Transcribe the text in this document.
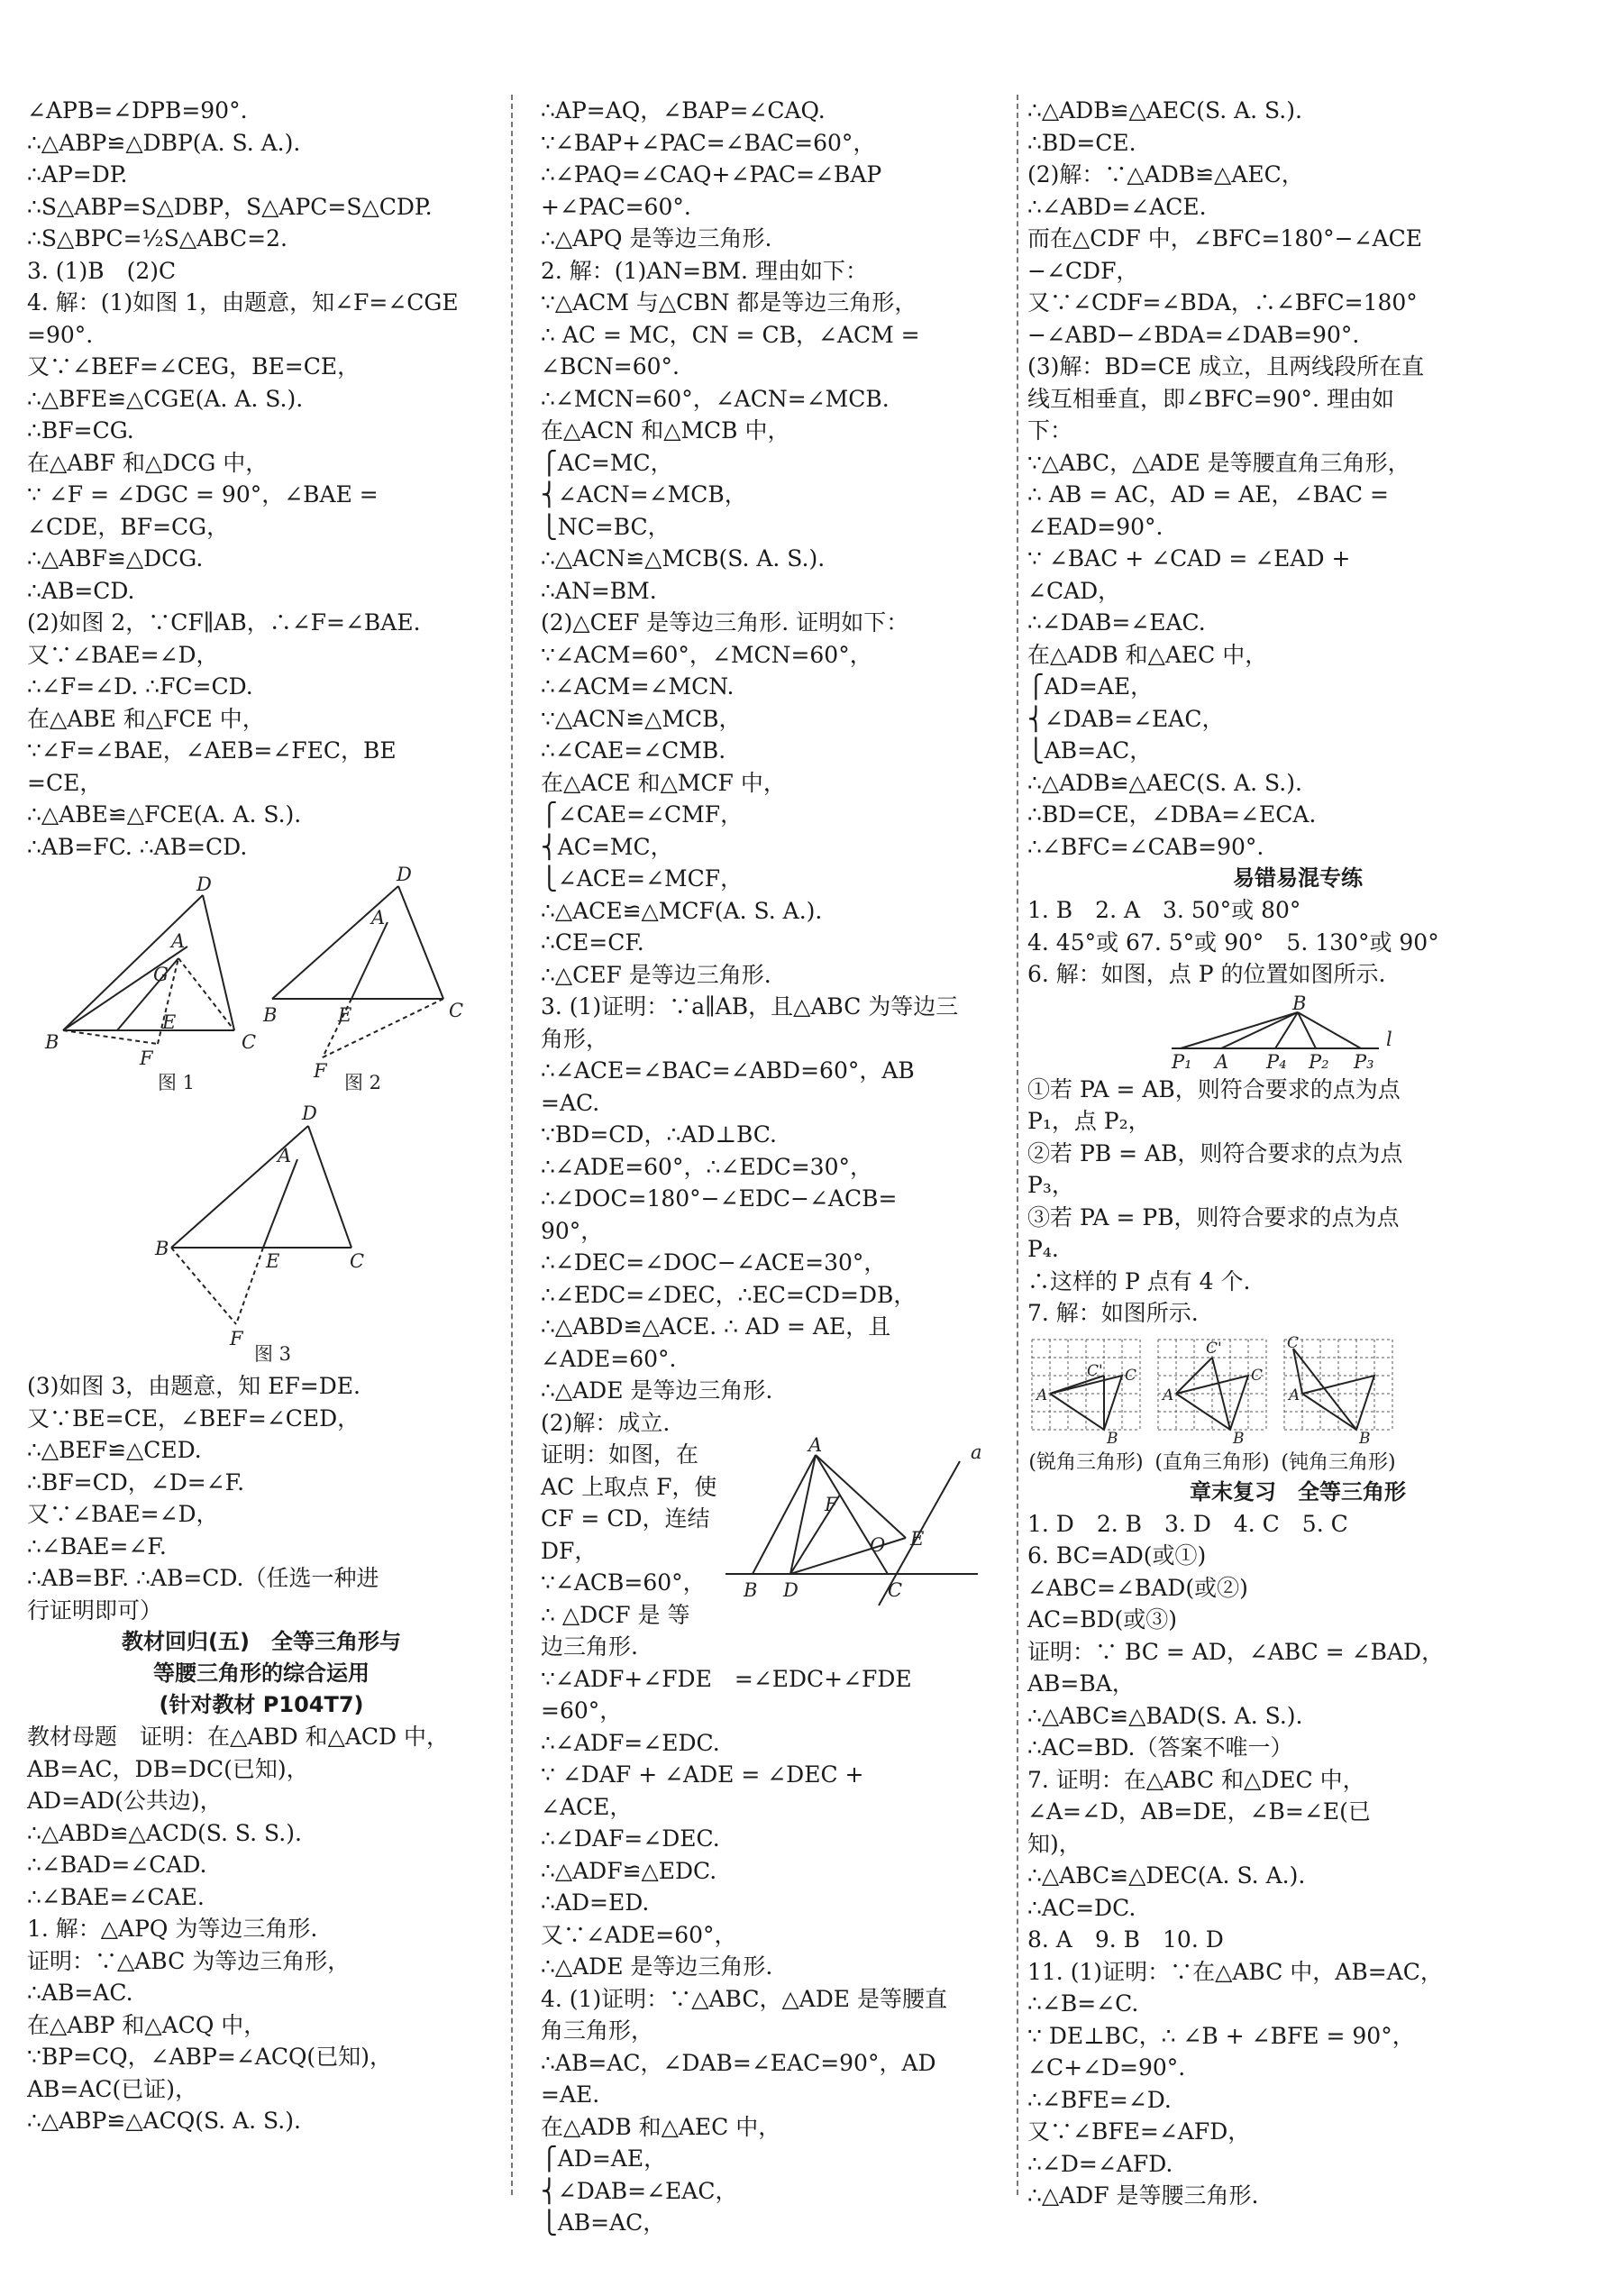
∠APB=∠DPB=90°.
∴△ABP≌△DBP(A. S. A.).
∴AP=DP.
∴S△ABP=S△DBP，S△APC=S△CDP.
∴S△BPC=½S△ABC=2.
3. (1)B　(2)C
4. 解：(1)如图 1，由题意，知∠F=∠CGE
=90°.
又∵∠BEF=∠CEG，BE=CE，
∴△BFE≌△CGE(A. A. S.).
∴BF=CG.
在△ABF 和△DCG 中，
∵ ∠F = ∠DGC = 90°，∠BAE =
∠CDE，BF=CG，
∴△ABF≌△DCG.
∴AB=CD.
(2)如图 2，∵CF∥AB，∴∠F=∠BAE.
又∵∠BAE=∠D，
∴∠F=∠D. ∴FC=CD.
在△ABE 和△FCE 中，
∵∠F=∠BAE，∠AEB=∠FEC，BE
=CE，
∴△ABE≌△FCE(A. A. S.).
∴AB=FC. ∴AB=CD.
D
A
G
B
E
C
F
图 1
D
A
B	E	C
F
图 2
D
A
B
E	C
F
图 3
(3)如图 3，由题意，知 EF=DE.
又∵BE=CE，∠BEF=∠CED，
∴△BEF≌△CED.
∴BF=CD，∠D=∠F.
又∵∠BAE=∠D，
∴∠BAE=∠F.
∴AB=BF. ∴AB=CD.（任选一种进
行证明即可）
教材回归(五)　全等三角形与
等腰三角形的综合运用
(针对教材 P104T7)
教材母题　证明：在△ABD 和△ACD 中，
AB=AC，DB=DC(已知)，
AD=AD(公共边)，
∴△ABD≌△ACD(S. S. S.).
∴∠BAD=∠CAD.
∴∠BAE=∠CAE.
1. 解：△APQ 为等边三角形.
证明：∵△ABC 为等边三角形，
∴AB=AC.
在△ABP 和△ACQ 中，
∵BP=CQ，∠ABP=∠ACQ(已知)，
AB=AC(已证)，
∴△ABP≌△ACQ(S. A. S.).
∴AP=AQ，∠BAP=∠CAQ.
∵∠BAP+∠PAC=∠BAC=60°，
∴∠PAQ=∠CAQ+∠PAC=∠BAP
+∠PAC=60°.
∴△APQ 是等边三角形.
2. 解：(1)AN=BM. 理由如下：
∵△ACM 与△CBN 都是等边三角形，
∴ AC = MC，CN = CB，∠ACM =
∠BCN=60°.
∴∠MCN=60°，∠ACN=∠MCB.
在△ACN 和△MCB 中，
⎧AC=MC，
⎨∠ACN=∠MCB，
⎩NC=BC，
∴△ACN≌△MCB(S. A. S.).
∴AN=BM.
(2)△CEF 是等边三角形. 证明如下：
∵∠ACM=60°，∠MCN=60°，
∴∠ACM=∠MCN.
∵△ACN≌△MCB，
∴∠CAE=∠CMB.
在△ACE 和△MCF 中，
⎧∠CAE=∠CMF，
⎨AC=MC，
⎩∠ACE=∠MCF，
∴△ACE≌△MCF(A. S. A.).
∴CE=CF.
∴△CEF 是等边三角形.
3. (1)证明：∵a∥AB，且△ABC 为等边三
角形，
∴∠ACE=∠BAC=∠ABD=60°，AB
=AC.
∵BD=CD，∴AD⊥BC.
∴∠ADE=60°，∴∠EDC=30°，
∴∠DOC=180°−∠EDC−∠ACB=
90°，
∴∠DEC=∠DOC−∠ACE=30°，
∴∠EDC=∠DEC，∴EC=CD=DB，
∴△ABD≌△ACE. ∴ AD = AE，且
∠ADE=60°.
∴△ADE 是等边三角形.
(2)解：成立.
证明：如图，在
AC 上取点 F，使
CF = CD，连结
DF，
∵∠ACB=60°，
∴ △DCF 是 等
边三角形.
A	a
F
O E
B D	C
∵∠ADF+∠FDE　=∠EDC+∠FDE
=60°，
∴∠ADF=∠EDC.
∵ ∠DAF + ∠ADE = ∠DEC +
∠ACE，
∴∠DAF=∠DEC.
∴△ADF≌△EDC.
∴AD=ED.
又∵∠ADE=60°，
∴△ADE 是等边三角形.
4. (1)证明：∵△ABC，△ADE 是等腰直
角三角形，
∴AB=AC，∠DAB=∠EAC=90°，AD
=AE.
在△ADB 和△AEC 中，
⎧AD=AE，
⎨∠DAB=∠EAC，
⎩AB=AC，
∴△ADB≌△AEC(S. A. S.).
∴BD=CE.
(2)解：∵△ADB≌△AEC，
∴∠ABD=∠ACE.
而在△CDF 中，∠BFC=180°−∠ACE
−∠CDF，
又∵∠CDF=∠BDA，∴∠BFC=180°
−∠ABD−∠BDA=∠DAB=90°.
(3)解：BD=CE 成立，且两线段所在直
线互相垂直，即∠BFC=90°. 理由如
下：
∵△ABC，△ADE 是等腰直角三角形，
∴ AB = AC，AD = AE，∠BAC =
∠EAD=90°.
∵ ∠BAC + ∠CAD = ∠EAD +
∠CAD，
∴∠DAB=∠EAC.
在△ADB 和△AEC 中，
⎧AD=AE，
⎨∠DAB=∠EAC，
⎩AB=AC，
∴△ADB≌△AEC(S. A. S.).
∴BD=CE，∠DBA=∠ECA.
∴∠BFC=∠CAB=90°.
易错易混专练
1. B　2. A　3. 50°或 80°
4. 45°或 67. 5°或 90°　5. 130°或 90°
6. 解：如图，点 P 的位置如图所示.
B
P₁ A P₄ P₂ P₃
l
①若 PA = AB，则符合要求的点为点
P₁，点 P₂，
②若 PB = AB，则符合要求的点为点
P₃，
③若 PA = PB，则符合要求的点为点
P₄.
∴这样的 P 点有 4 个.
7. 解：如图所示.
A
B
C
C'
(锐角三角形)
A
B
C
C'
(直角三角形)
C
A
B
(钝角三角形)
章末复习　全等三角形
1. D　2. B　3. D　4. C　5. C
6. BC=AD(或①)
∠ABC=∠BAD(或②)
AC=BD(或③)
证明：∵ BC = AD，∠ABC = ∠BAD，
AB=BA，
∴△ABC≌△BAD(S. A. S.).
∴AC=BD.（答案不唯一）
7. 证明：在△ABC 和△DEC 中，
∠A=∠D，AB=DE，∠B=∠E(已
知)，
∴△ABC≌△DEC(A. S. A.).
∴AC=DC.
8. A　9. B　10. D
11. (1)证明：∵在△ABC 中，AB=AC，
∴∠B=∠C.
∵ DE⊥BC，∴ ∠B + ∠BFE = 90°，
∠C+∠D=90°.
∴∠BFE=∠D.
又∵∠BFE=∠AFD，
∴∠D=∠AFD.
∴△ADF 是等腰三角形.
